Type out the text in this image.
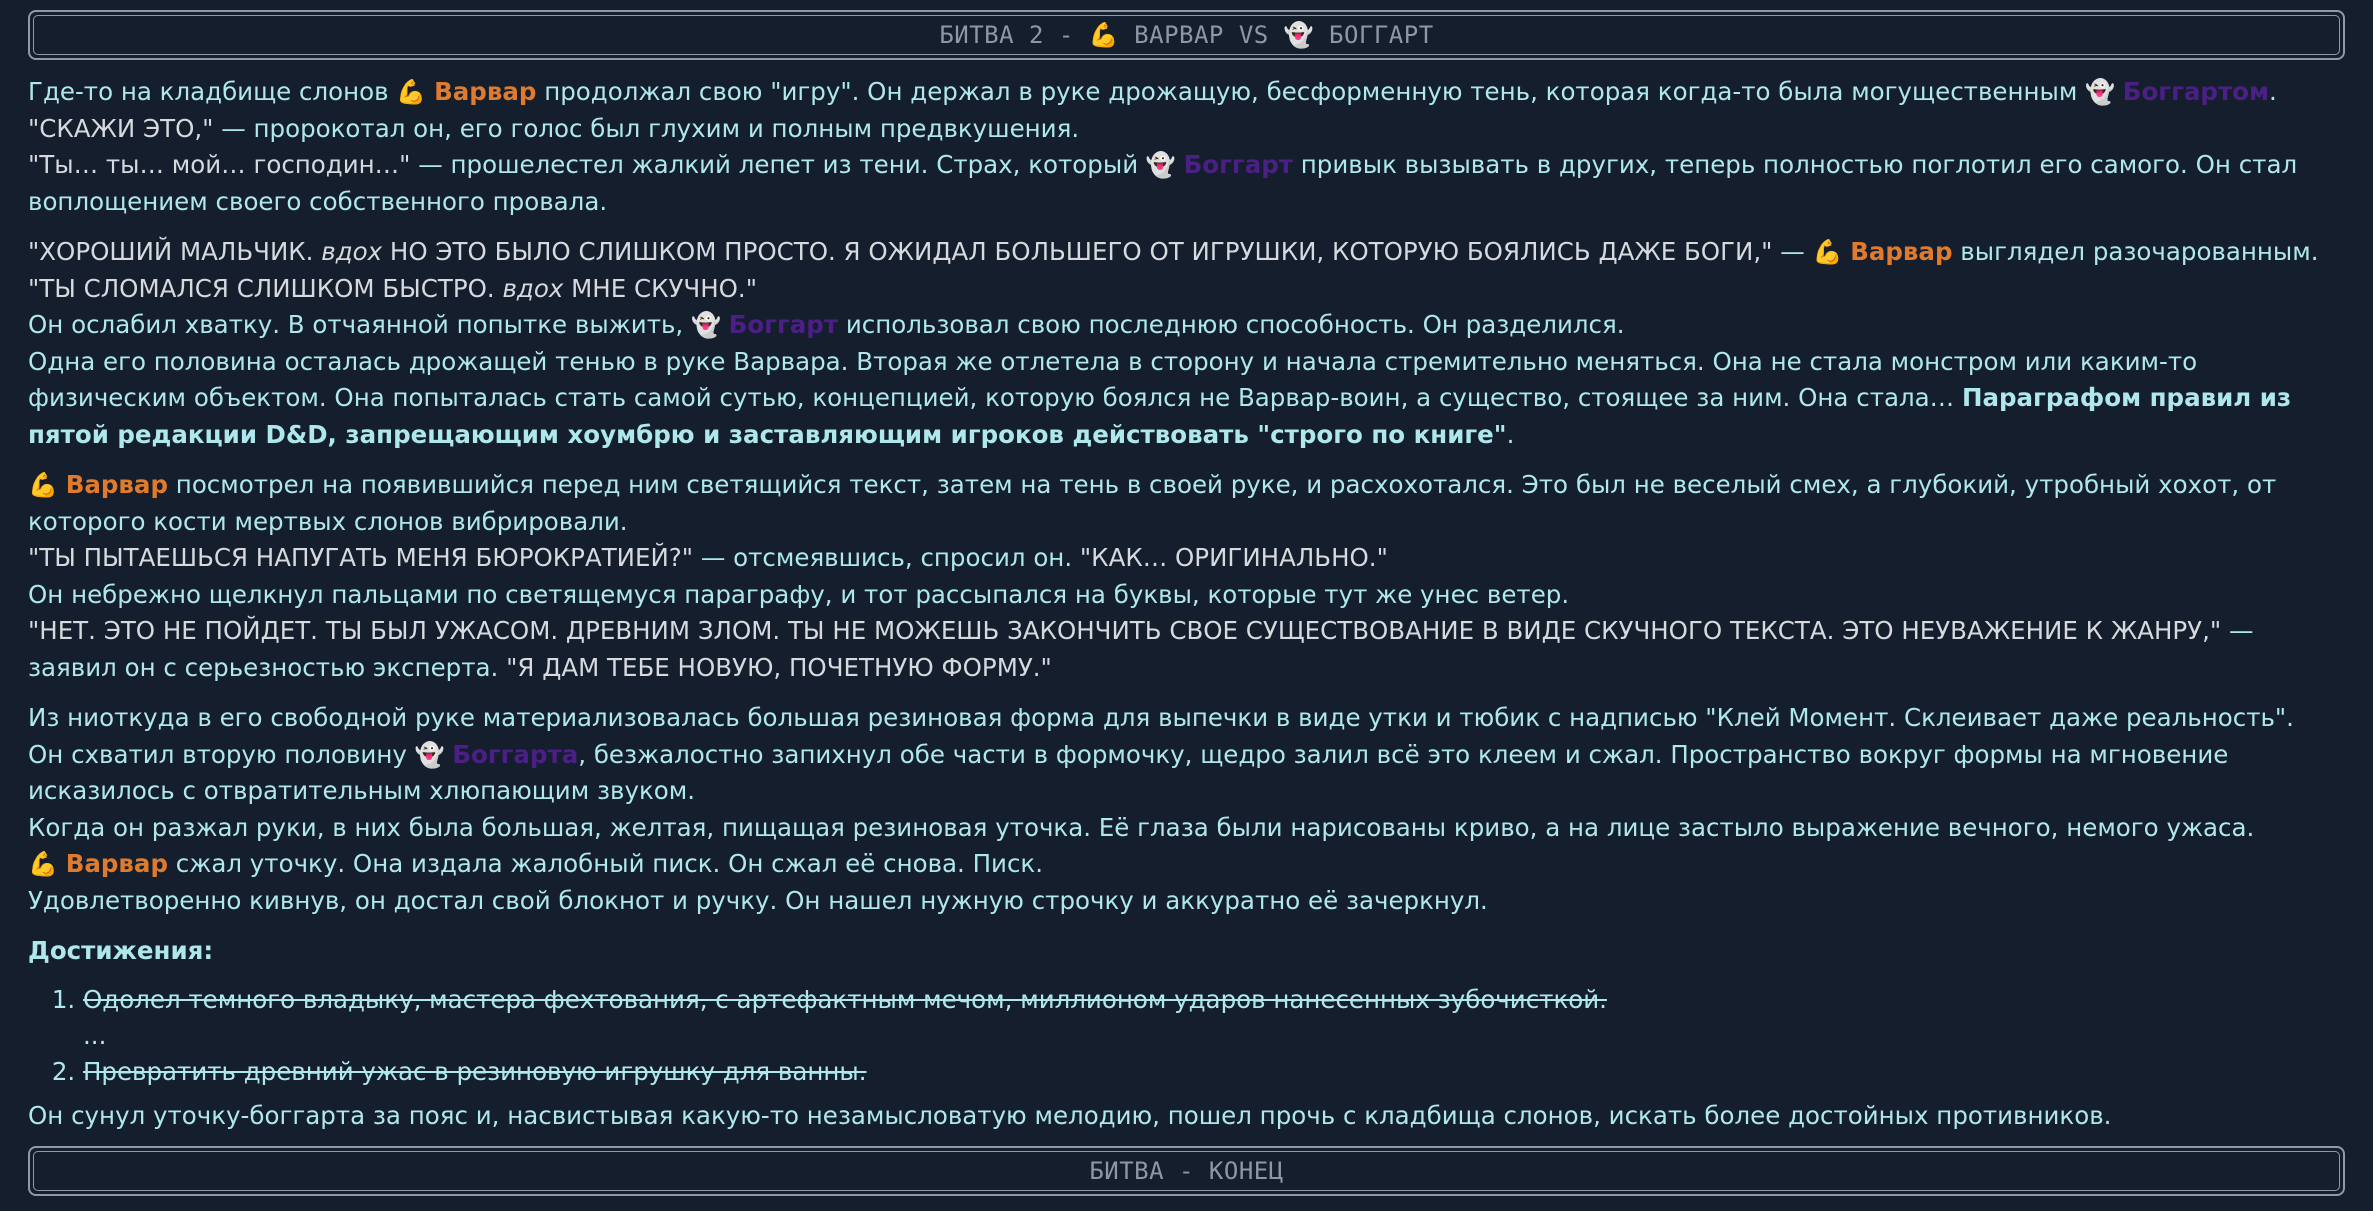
БИТВА 2 - 💪 ВАРВАР VS 👻 БОГГАРТ

Где-то на кладбище слонов 💪 Варвар продолжал свою "игру". Он держал в руке дрожащую, бесформенную тень, которая когда-то была могущественным 👻 Боггартом.

"СКАЖИ ЭТО," — пророкотал он, его голос был глухим и полным предвкушения.

"Ты… ты… мой… господин…" — прошелестел жалкий лепет из тени. Страх, который 👻 Боггарт привык вызывать в других, теперь полностью поглотил его самого. Он стал воплощением своего собственного провала.

"ХОРОШИЙ МАЛЬЧИК. вдох НО ЭТО БЫЛО СЛИШКОМ ПРОСТО. Я ОЖИДАЛ БОЛЬШЕГО ОТ ИГРУШКИ, КОТОРУЮ БОЯЛИСЬ ДАЖЕ БОГИ," — 💪 Варвар выглядел разочарованным. "ТЫ СЛОМАЛСЯ СЛИШКОМ БЫСТРО. вдох МНЕ СКУЧНО."

Он ослабил хватку. В отчаянной попытке выжить, 👻 Боггарт использовал свою последнюю способность. Он разделился.

Одна его половина осталась дрожащей тенью в руке Варвара. Вторая же отлетела в сторону и начала стремительно меняться. Она не стала монстром или каким-то физическим объектом. Она попыталась стать самой сутью, концепцией, которую боялся не Варвар-воин, а существо, стоящее за ним. Она стала… Параграфом правил из пятой редакции D&D, запрещающим хоумбрю и заставляющим игроков действовать "строго по книге".

💪 Варвар посмотрел на появившийся перед ним светящийся текст, затем на тень в своей руке, и расхохотался. Это был не веселый смех, а глубокий, утробный хохот, от которого кости мертвых слонов вибрировали.

"ТЫ ПЫТАЕШЬСЯ НАПУГАТЬ МЕНЯ БЮРОКРАТИЕЙ?" — отсмеявшись, спросил он. "КАК… ОРИГИНАЛЬНО."

Он небрежно щелкнул пальцами по светящемуся параграфу, и тот рассыпался на буквы, которые тут же унес ветер.

"НЕТ. ЭТО НЕ ПОЙДЕТ. ТЫ БЫЛ УЖАСОМ. ДРЕВНИМ ЗЛОМ. ТЫ НЕ МОЖЕШЬ ЗАКОНЧИТЬ СВОЕ СУЩЕСТВОВАНИЕ В ВИДЕ СКУЧНОГО ТЕКСТА. ЭТО НЕУВАЖЕНИЕ К ЖАНРУ," — заявил он с серьезностью эксперта. "Я ДАМ ТЕБЕ НОВУЮ, ПОЧЕТНУЮ ФОРМУ."

Из ниоткуда в его свободной руке материализовалась большая резиновая форма для выпечки в виде утки и тюбик с надписью "Клей Момент. Склеивает даже реальность".

Он схватил вторую половину 👻 Боггарта, безжалостно запихнул обе части в формочку, щедро залил всё это клеем и сжал. Пространство вокруг формы на мгновение исказилось с отвратительным хлюпающим звуком.

Когда он разжал руки, в них была большая, желтая, пищащая резиновая уточка. Её глаза были нарисованы криво, а на лице застыло выражение вечного, немого ужаса.

💪 Варвар сжал уточку. Она издала жалобный писк. Он сжал её снова. Писк.

Удовлетворенно кивнув, он достал свой блокнот и ручку. Он нашел нужную строчку и аккуратно её зачеркнул.

Достижения:

1. Одолел темного владыку, мастера фехтования, с артефактным мечом, миллионом ударов нанесенных зубочисткой.
...
2. Превратить древний ужас в резиновую игрушку для ванны.

Он сунул уточку-боггарта за пояс и, насвистывая какую-то незамысловатую мелодию, пошел прочь с кладбища слонов, искать более достойных противников.

БИТВА - КОНЕЦ
